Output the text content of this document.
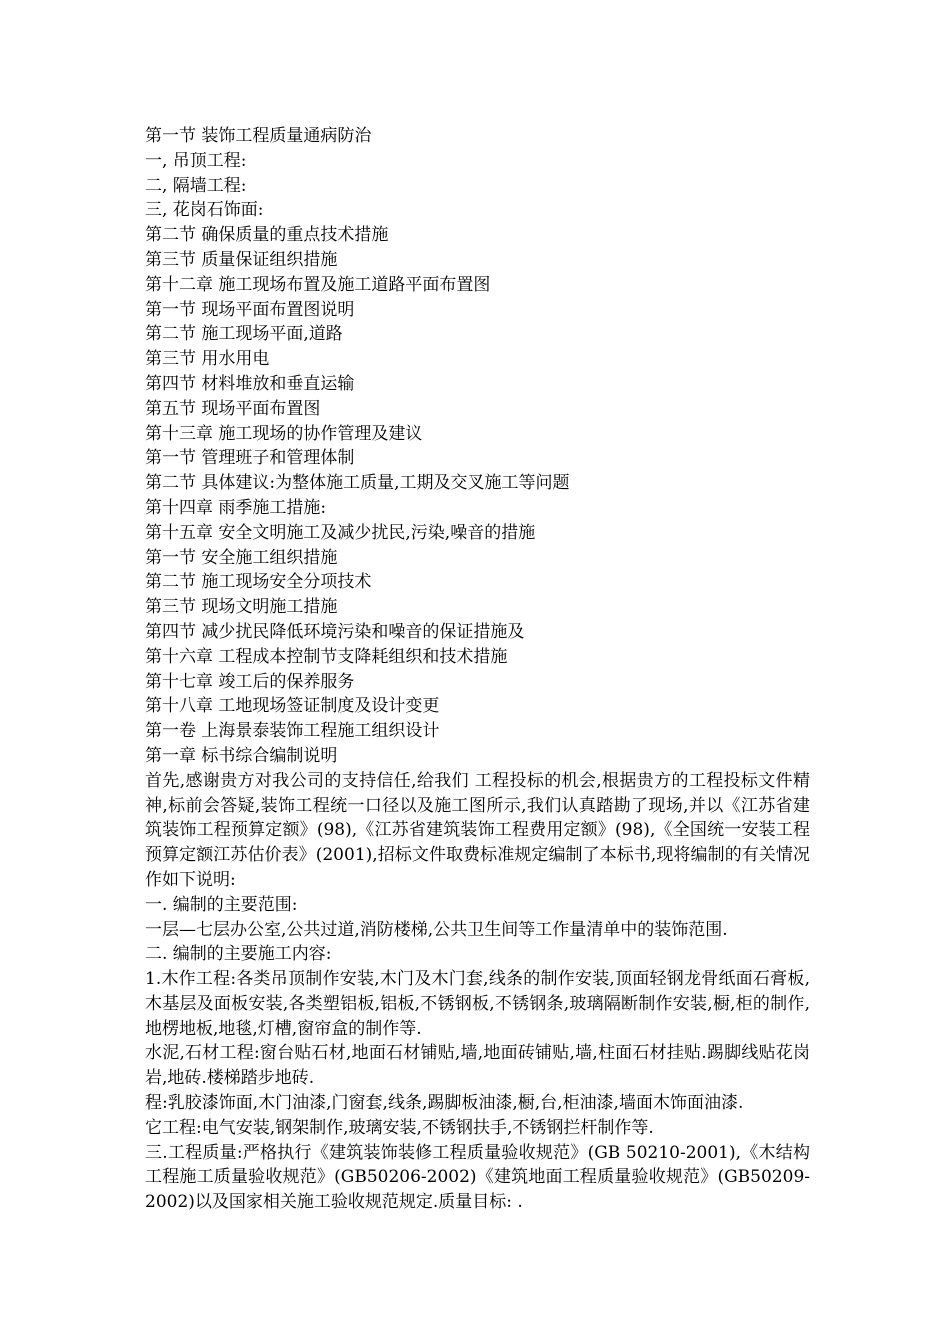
第一节 装饰工程质量通病防治
一, 吊顶工程:
二, 隔墙工程:
三, 花岗石饰面:
第二节 确保质量的重点技术措施
第三节 质量保证组织措施
第十二章 施工现场布置及施工道路平面布置图
第一节 现场平面布置图说明
第二节 施工现场平面,道路
第三节 用水用电
第四节 材料堆放和垂直运输
第五节 现场平面布置图
第十三章 施工现场的协作管理及建议
第一节 管理班子和管理体制
第二节 具体建议:为整体施工质量,工期及交叉施工等问题
第十四章 雨季施工措施:
第十五章 安全文明施工及减少扰民,污染,噪音的措施
第一节 安全施工组织措施
第二节 施工现场安全分项技术
第三节 现场文明施工措施
第四节 减少扰民降低环境污染和噪音的保证措施及
第十六章 工程成本控制节支降耗组织和技术措施
第十七章 竣工后的保养服务
第十八章 工地现场签证制度及设计变更
第一卷 上海景泰装饰工程施工组织设计
第一章 标书综合编制说明

首先,感谢贵方对我公司的支持信任,给我们 工程投标的机会,根据贵方的工程投标文件精神,标前会答疑,装饰工程统一口径以及施工图所示,我们认真踏勘了现场,并以《江苏省建筑装饰工程预算定额》(98),《江苏省建筑装饰工程费用定额》(98),《全国统一安装工程预算定额江苏估价表》(2001),招标文件取费标准规定编制了本标书,现将编制的有关情况作如下说明:

一. 编制的主要范围:

一层—七层办公室,公共过道,消防楼梯,公共卫生间等工作量清单中的装饰范围.

二. 编制的主要施工内容:

1.木作工程:各类吊顶制作安装,木门及木门套,线条的制作安装,顶面轻钢龙骨纸面石膏板,木基层及面板安装,各类塑铝板,铝板,不锈钢板,不锈钢条,玻璃隔断制作安装,橱,柜的制作,地楞地板,地毯,灯槽,窗帘盒的制作等.

水泥,石材工程:窗台贴石材,地面石材铺贴,墙,地面砖铺贴,墙,柱面石材挂贴.踢脚线贴花岗岩,地砖.楼梯踏步地砖.

程:乳胶漆饰面,木门油漆,门窗套,线条,踢脚板油漆,橱,台,柜油漆,墙面木饰面油漆.

它工程:电气安装,钢架制作,玻璃安装,不锈钢扶手,不锈钢拦杆制作等.

三.工程质量:严格执行《建筑装饰装修工程质量验收规范》(GB 50210-2001),《木结构工程施工质量验收规范》(GB50206-2002)《建筑地面工程质量验收规范》(GB50209-2002)以及国家相关施工验收规范规定.质量目标: .
